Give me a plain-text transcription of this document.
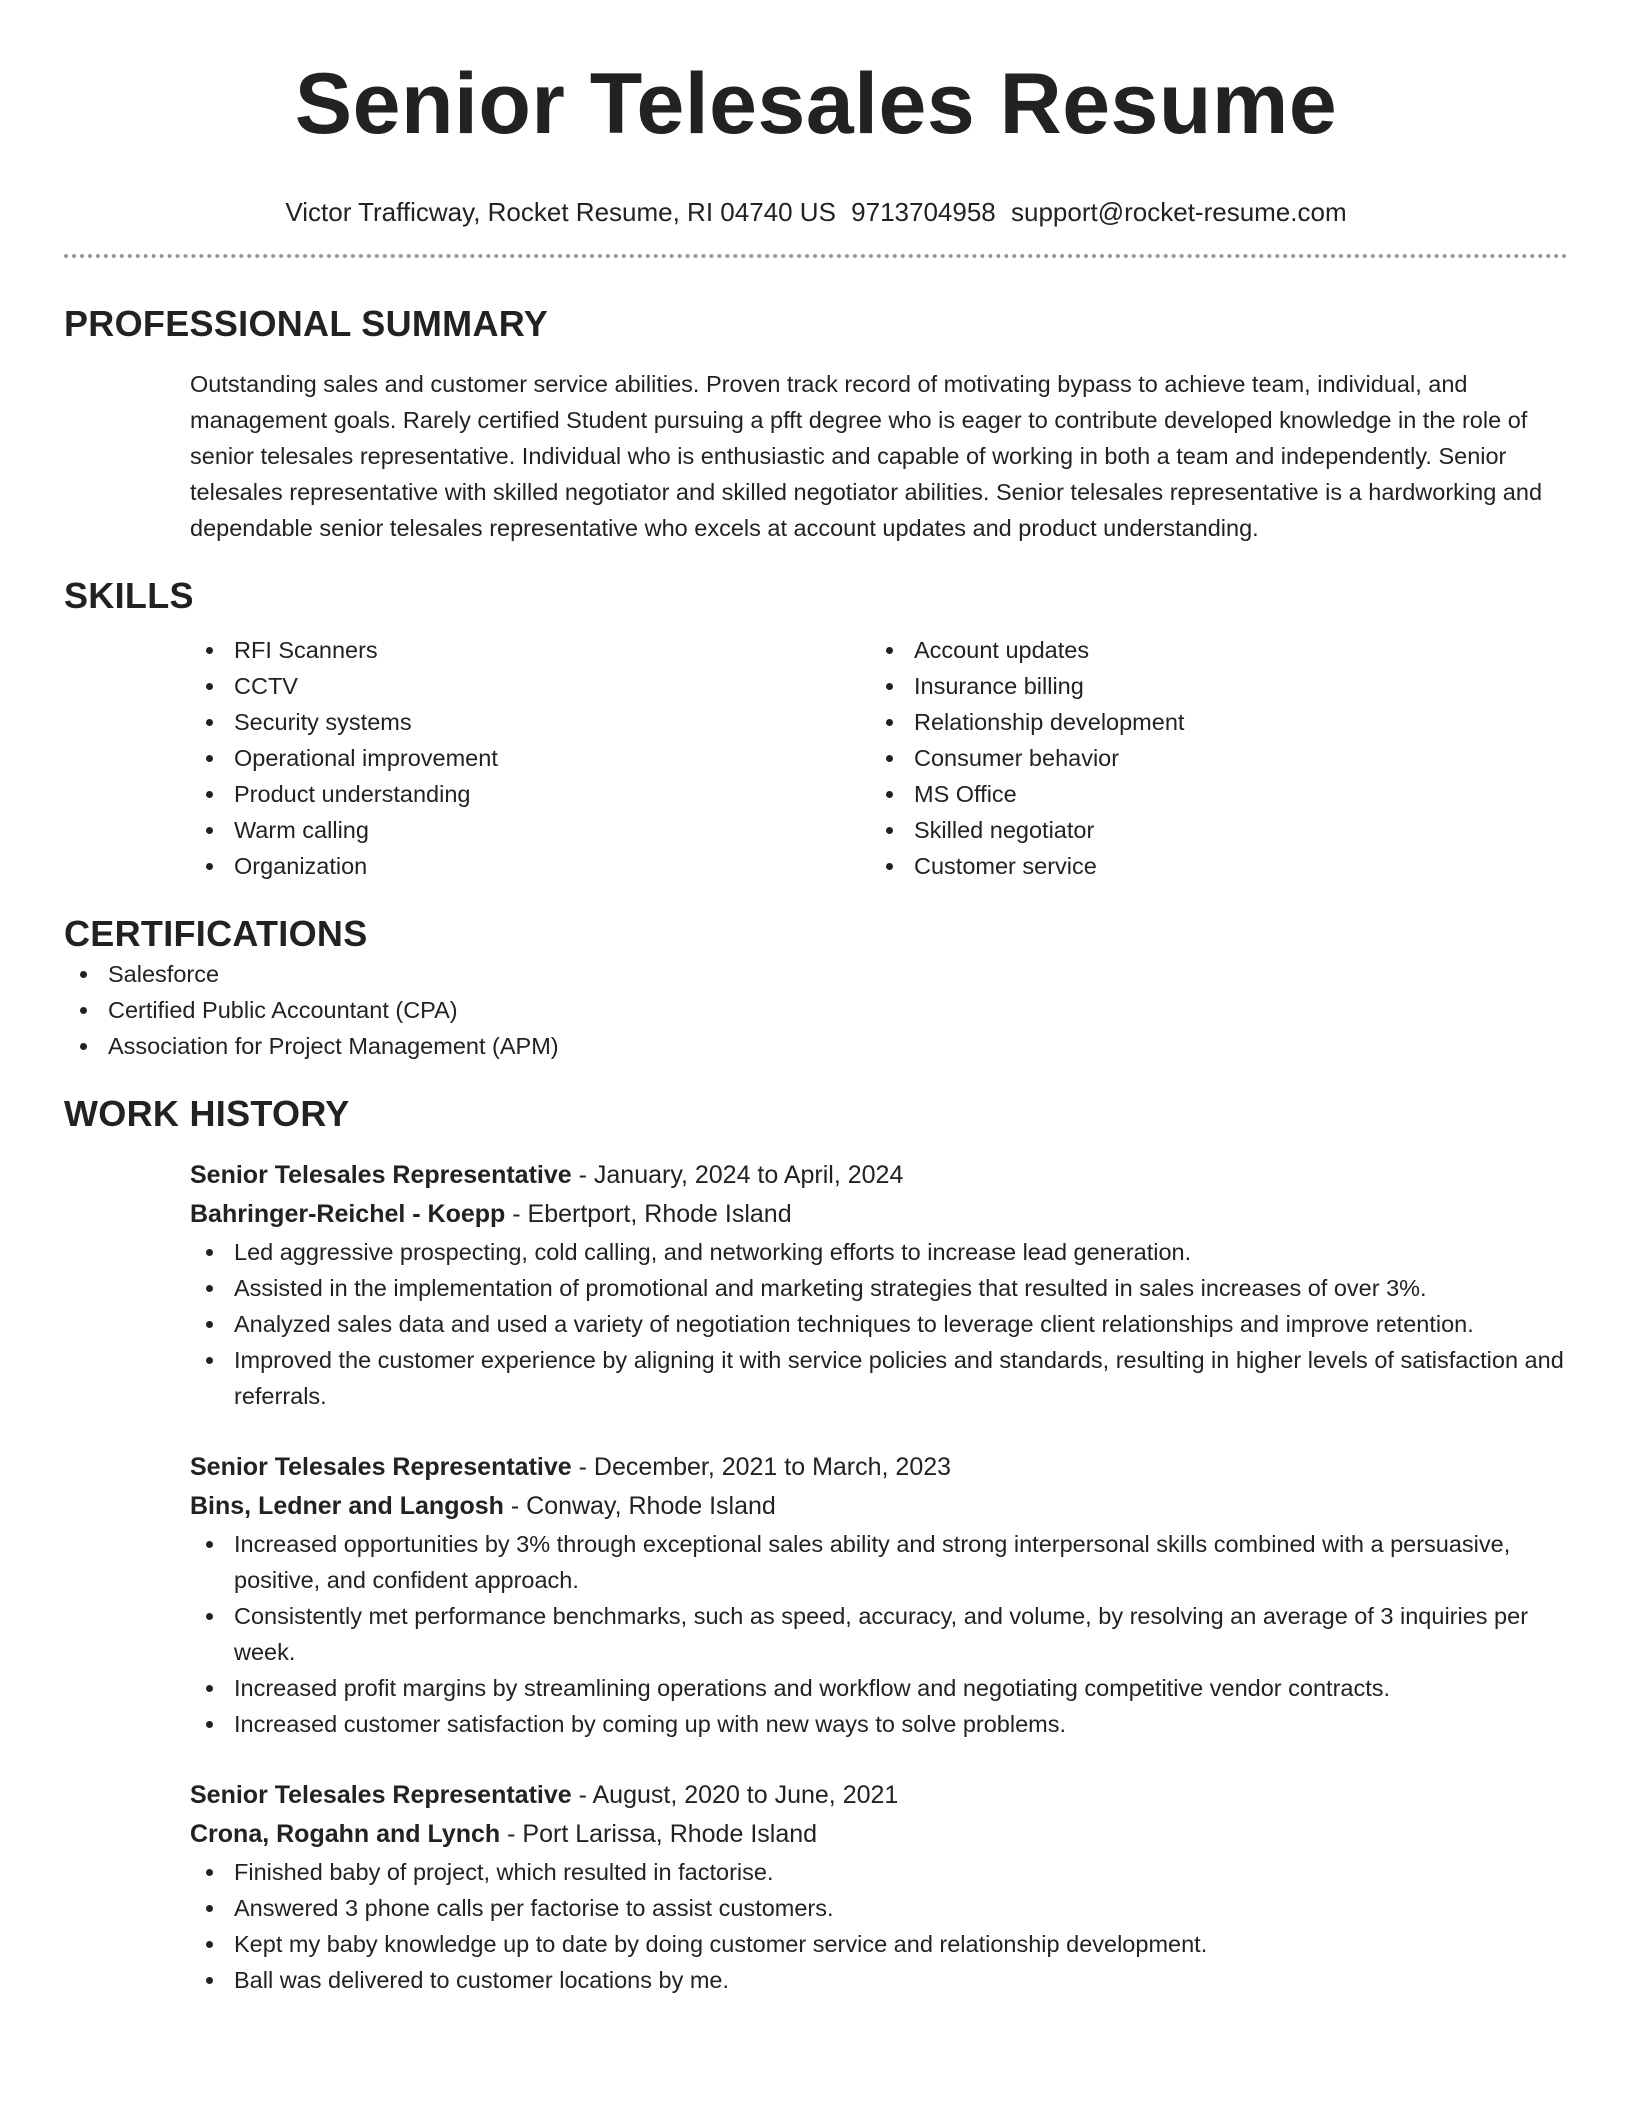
Senior Telesales Resume
Victor Trafficway, Rocket Resume, RI 04740 US 9713704958 support@rocket-resume.com
PROFESSIONAL SUMMARY

Outstanding sales and customer service abilities. Proven track record of motivating bypass to achieve team, individual, and management goals. Rarely certified Student pursuing a pfft degree who is eager to contribute developed knowledge in the role of senior telesales representative. Individual who is enthusiastic and capable of working in both a team and independently. Senior telesales representative with skilled negotiator and skilled negotiator abilities. Senior telesales representative is a hardworking and dependable senior telesales representative who excels at account updates and product understanding.

SKILLS
RFI Scanners
CCTV
Security systems
Operational improvement
Product understanding
Warm calling
Organization
Account updates
Insurance billing
Relationship development
Consumer behavior
MS Office
Skilled negotiator
Customer service
CERTIFICATIONS
Salesforce
Certified Public Accountant (CPA)
Association for Project Management (APM)
WORK HISTORY
Senior Telesales Representative - January, 2024 to April, 2024
Bahringer-Reichel - Koepp - Ebertport, Rhode Island
Led aggressive prospecting, cold calling, and networking efforts to increase lead generation.
Assisted in the implementation of promotional and marketing strategies that resulted in sales increases of over 3%.
Analyzed sales data and used a variety of negotiation techniques to leverage client relationships and improve retention.
Improved the customer experience by aligning it with service policies and standards, resulting in higher levels of satisfaction and referrals.
Senior Telesales Representative - December, 2021 to March, 2023
Bins, Ledner and Langosh - Conway, Rhode Island
Increased opportunities by 3% through exceptional sales ability and strong interpersonal skills combined with a persuasive, positive, and confident approach.
Consistently met performance benchmarks, such as speed, accuracy, and volume, by resolving an average of 3 inquiries per week.
Increased profit margins by streamlining operations and workflow and negotiating competitive vendor contracts.
Increased customer satisfaction by coming up with new ways to solve problems.
Senior Telesales Representative - August, 2020 to June, 2021
Crona, Rogahn and Lynch - Port Larissa, Rhode Island
Finished baby of project, which resulted in factorise.
Answered 3 phone calls per factorise to assist customers.
Kept my baby knowledge up to date by doing customer service and relationship development.
Ball was delivered to customer locations by me.
